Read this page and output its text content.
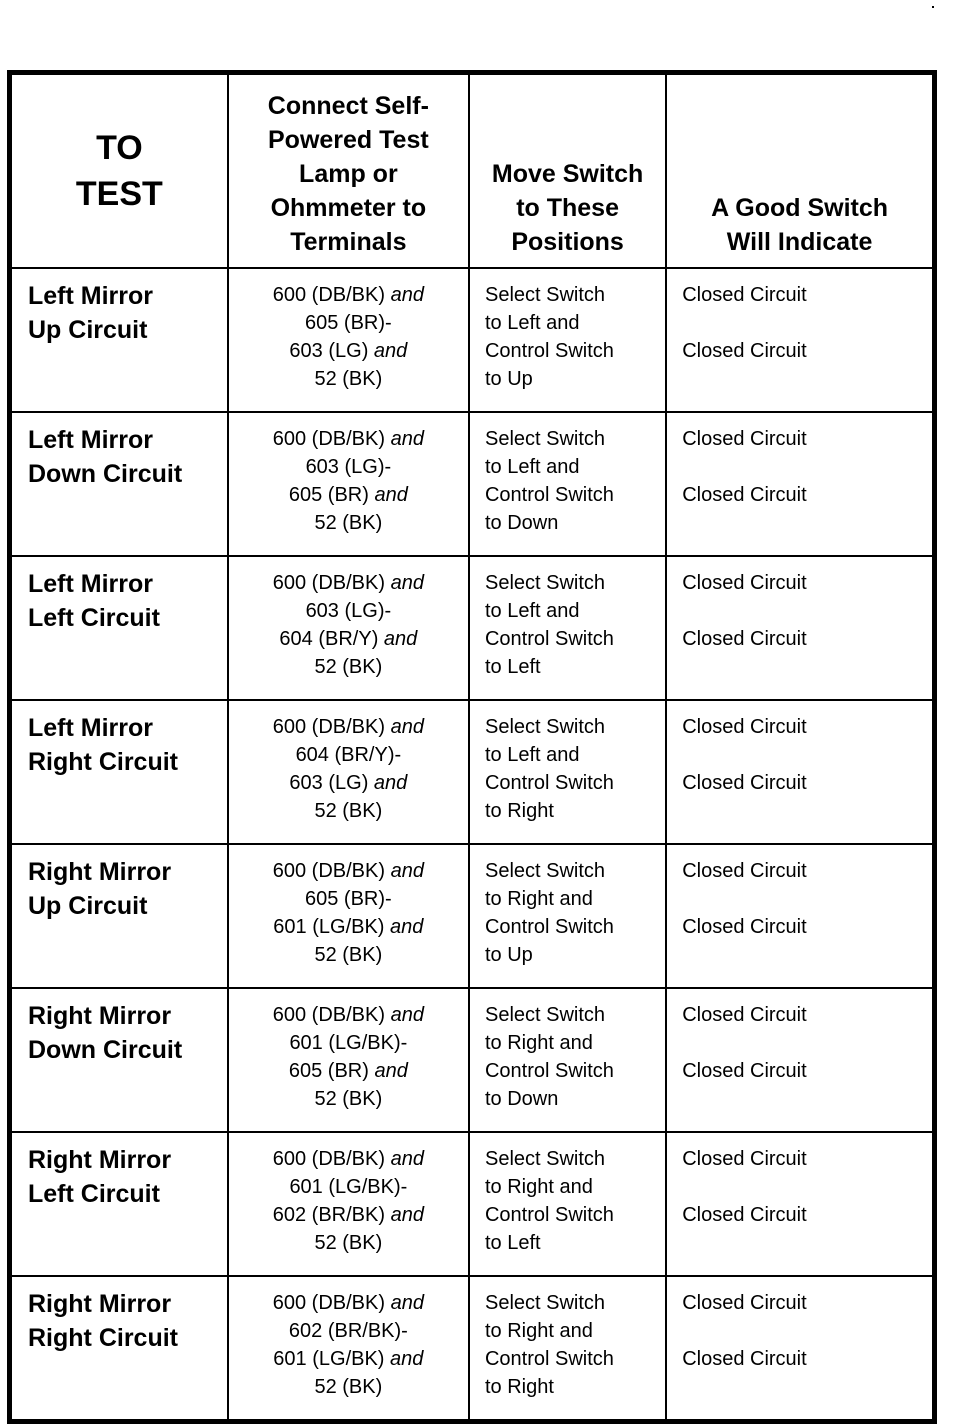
TO
TEST	Connect Self-
Powered Test
Lamp or
Ohmmeter to
Terminals	Move Switch
to These
Positions	A Good Switch
Will Indicate

Left Mirror
Up Circuit	600 (DB/BK) and
605 (BR)-
603 (LG) and
52 (BK)	Select Switch
to Left and
Control Switch
to Up	Closed Circuit
Closed Circuit

Left Mirror
Down Circuit	600 (DB/BK) and
603 (LG)-
605 (BR) and
52 (BK)	Select Switch
to Left and
Control Switch
to Down	Closed Circuit
Closed Circuit

Left Mirror
Left Circuit	600 (DB/BK) and
603 (LG)-
604 (BR/Y) and
52 (BK)	Select Switch
to Left and
Control Switch
to Left	Closed Circuit
Closed Circuit

Left Mirror
Right Circuit	600 (DB/BK) and
604 (BR/Y)-
603 (LG) and
52 (BK)	Select Switch
to Left and
Control Switch
to Right	Closed Circuit
Closed Circuit

Right Mirror
Up Circuit	600 (DB/BK) and
605 (BR)-
601 (LG/BK) and
52 (BK)	Select Switch
to Right and
Control Switch
to Up	Closed Circuit
Closed Circuit

Right Mirror
Down Circuit	600 (DB/BK) and
601 (LG/BK)-
605 (BR) and
52 (BK)	Select Switch
to Right and
Control Switch
to Down	Closed Circuit
Closed Circuit

Right Mirror
Left Circuit	600 (DB/BK) and
601 (LG/BK)-
602 (BR/BK) and
52 (BK)	Select Switch
to Right and
Control Switch
to Left	Closed Circuit
Closed Circuit

Right Mirror
Right Circuit	600 (DB/BK) and
602 (BR/BK)-
601 (LG/BK) and
52 (BK)	Select Switch
to Right and
Control Switch
to Right	Closed Circuit
Closed Circuit
